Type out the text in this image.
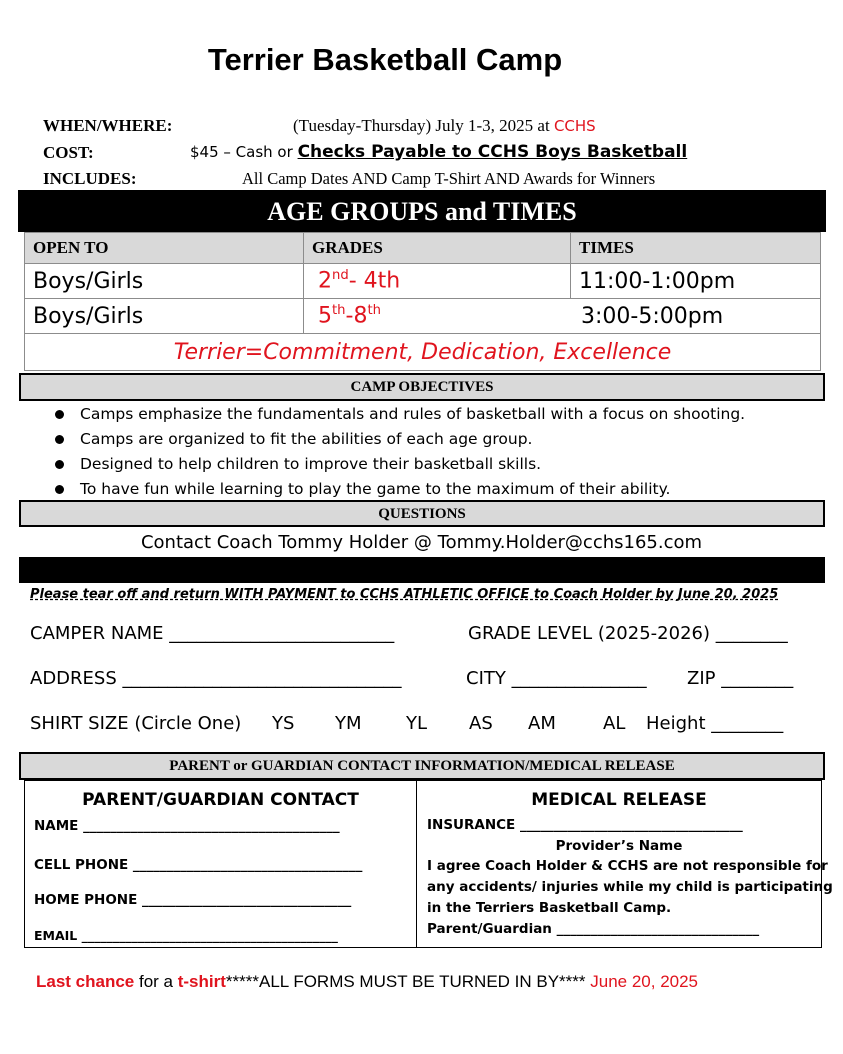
Terrier Basketball Camp
WHEN/WHERE:	(Tuesday-Thursday) July 1-3, 2025 at CCHS
COST:	$45 – Cash or Checks Payable to CCHS Boys Basketball
INCLUDES:	All Camp Dates AND Camp T-Shirt AND Awards for Winners
AGE GROUPS and TIMES
OPEN TO	GRADES	TIMES
Boys/Girls	2nd- 4th	11:00-1:00pm
Boys/Girls	5th-8th	3:00-5:00pm
Terrier=Commitment, Dedication, Excellence		
CAMP OBJECTIVES
Camps emphasize the fundamentals and rules of basketball with a focus on shooting.
Camps are organized to fit the abilities of each age group.
Designed to help children to improve their basketball skills.
To have fun while learning to play the game to the maximum of their ability.
QUESTIONS
Contact Coach Tommy Holder @ Tommy.Holder@cchs165.com
Please tear off and return WITH PAYMENT to CCHS ATHLETIC OFFICE to Coach Holder by June 20, 2025
CAMPER NAME _________________________	GRADE LEVEL (2025-2026) ________
ADDRESS _______________________________	CITY _______________ ZIP ________
SHIRT SIZE (Circle One) YS YM YL AS AM	AL Height ________
PARENT or GUARDIAN CONTACT INFORMATION/MEDICAL RELEASE
PARENT/GUARDIAN CONTACT
NAME ______________________________________
CELL PHONE __________________________________
HOME PHONE _______________________________
EMAIL _________________________________________
MEDICAL RELEASE
INSURANCE _________________________________
Provider’s Name
I agree Coach Holder & CCHS are not responsible for
any accidents/ injuries while my child is participating
in the Terriers Basketball Camp.
Parent/Guardian ______________________________
Last chance for a t-shirt*****ALL FORMS MUST BE TURNED IN BY**** June 20, 2025
